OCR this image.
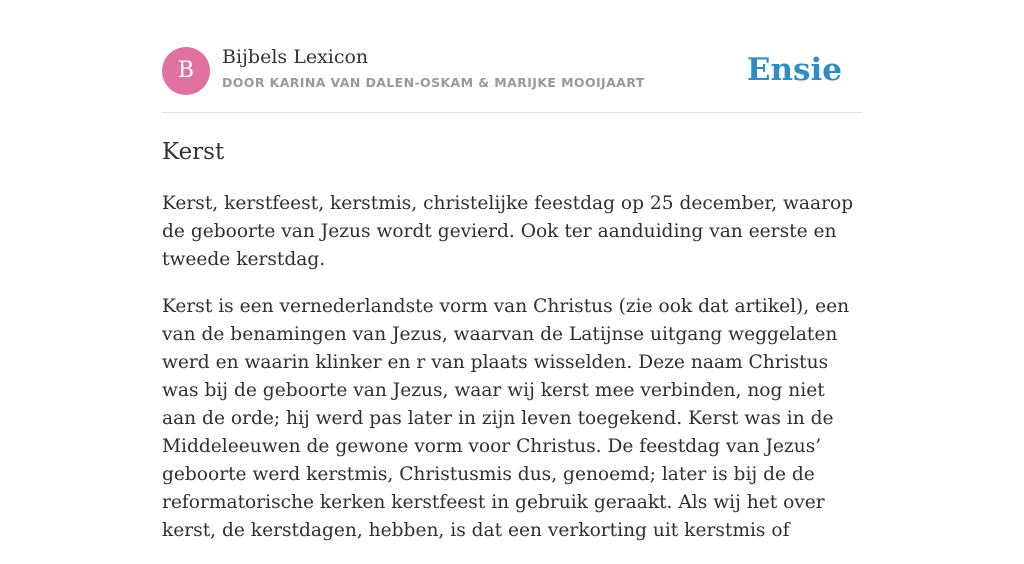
B
Bijbels Lexicon
DOOR KARINA VAN DALEN-OSKAM & MARIJKE MOOIJAART	Ensie
Kerst

Kerst, kerstfeest, kerstmis, christelijke feestdag op 25 december, waarop de geboorte van Jezus wordt gevierd. Ook ter aanduiding van eerste en tweede kerstdag.

Kerst is een vernederlandste vorm van Christus (zie ook dat artikel), een van de benamingen van Jezus, waarvan de Latijnse uitgang weggelaten werd en waarin klinker en r van plaats wisselden. Deze naam Christus was bij de geboorte van Jezus, waar wij kerst mee verbinden, nog niet aan de orde; hij werd pas later in zijn leven toegekend. Kerst was in de Middeleeuwen de gewone vorm voor Christus. De feestdag van Jezus’ geboorte werd kerstmis, Christusmis dus, genoemd; later is bij de de reformatorische kerken kerstfeest in gebruik geraakt. Als wij het over kerst, de kerstdagen, hebben, is dat een verkorting uit kerstmis of
